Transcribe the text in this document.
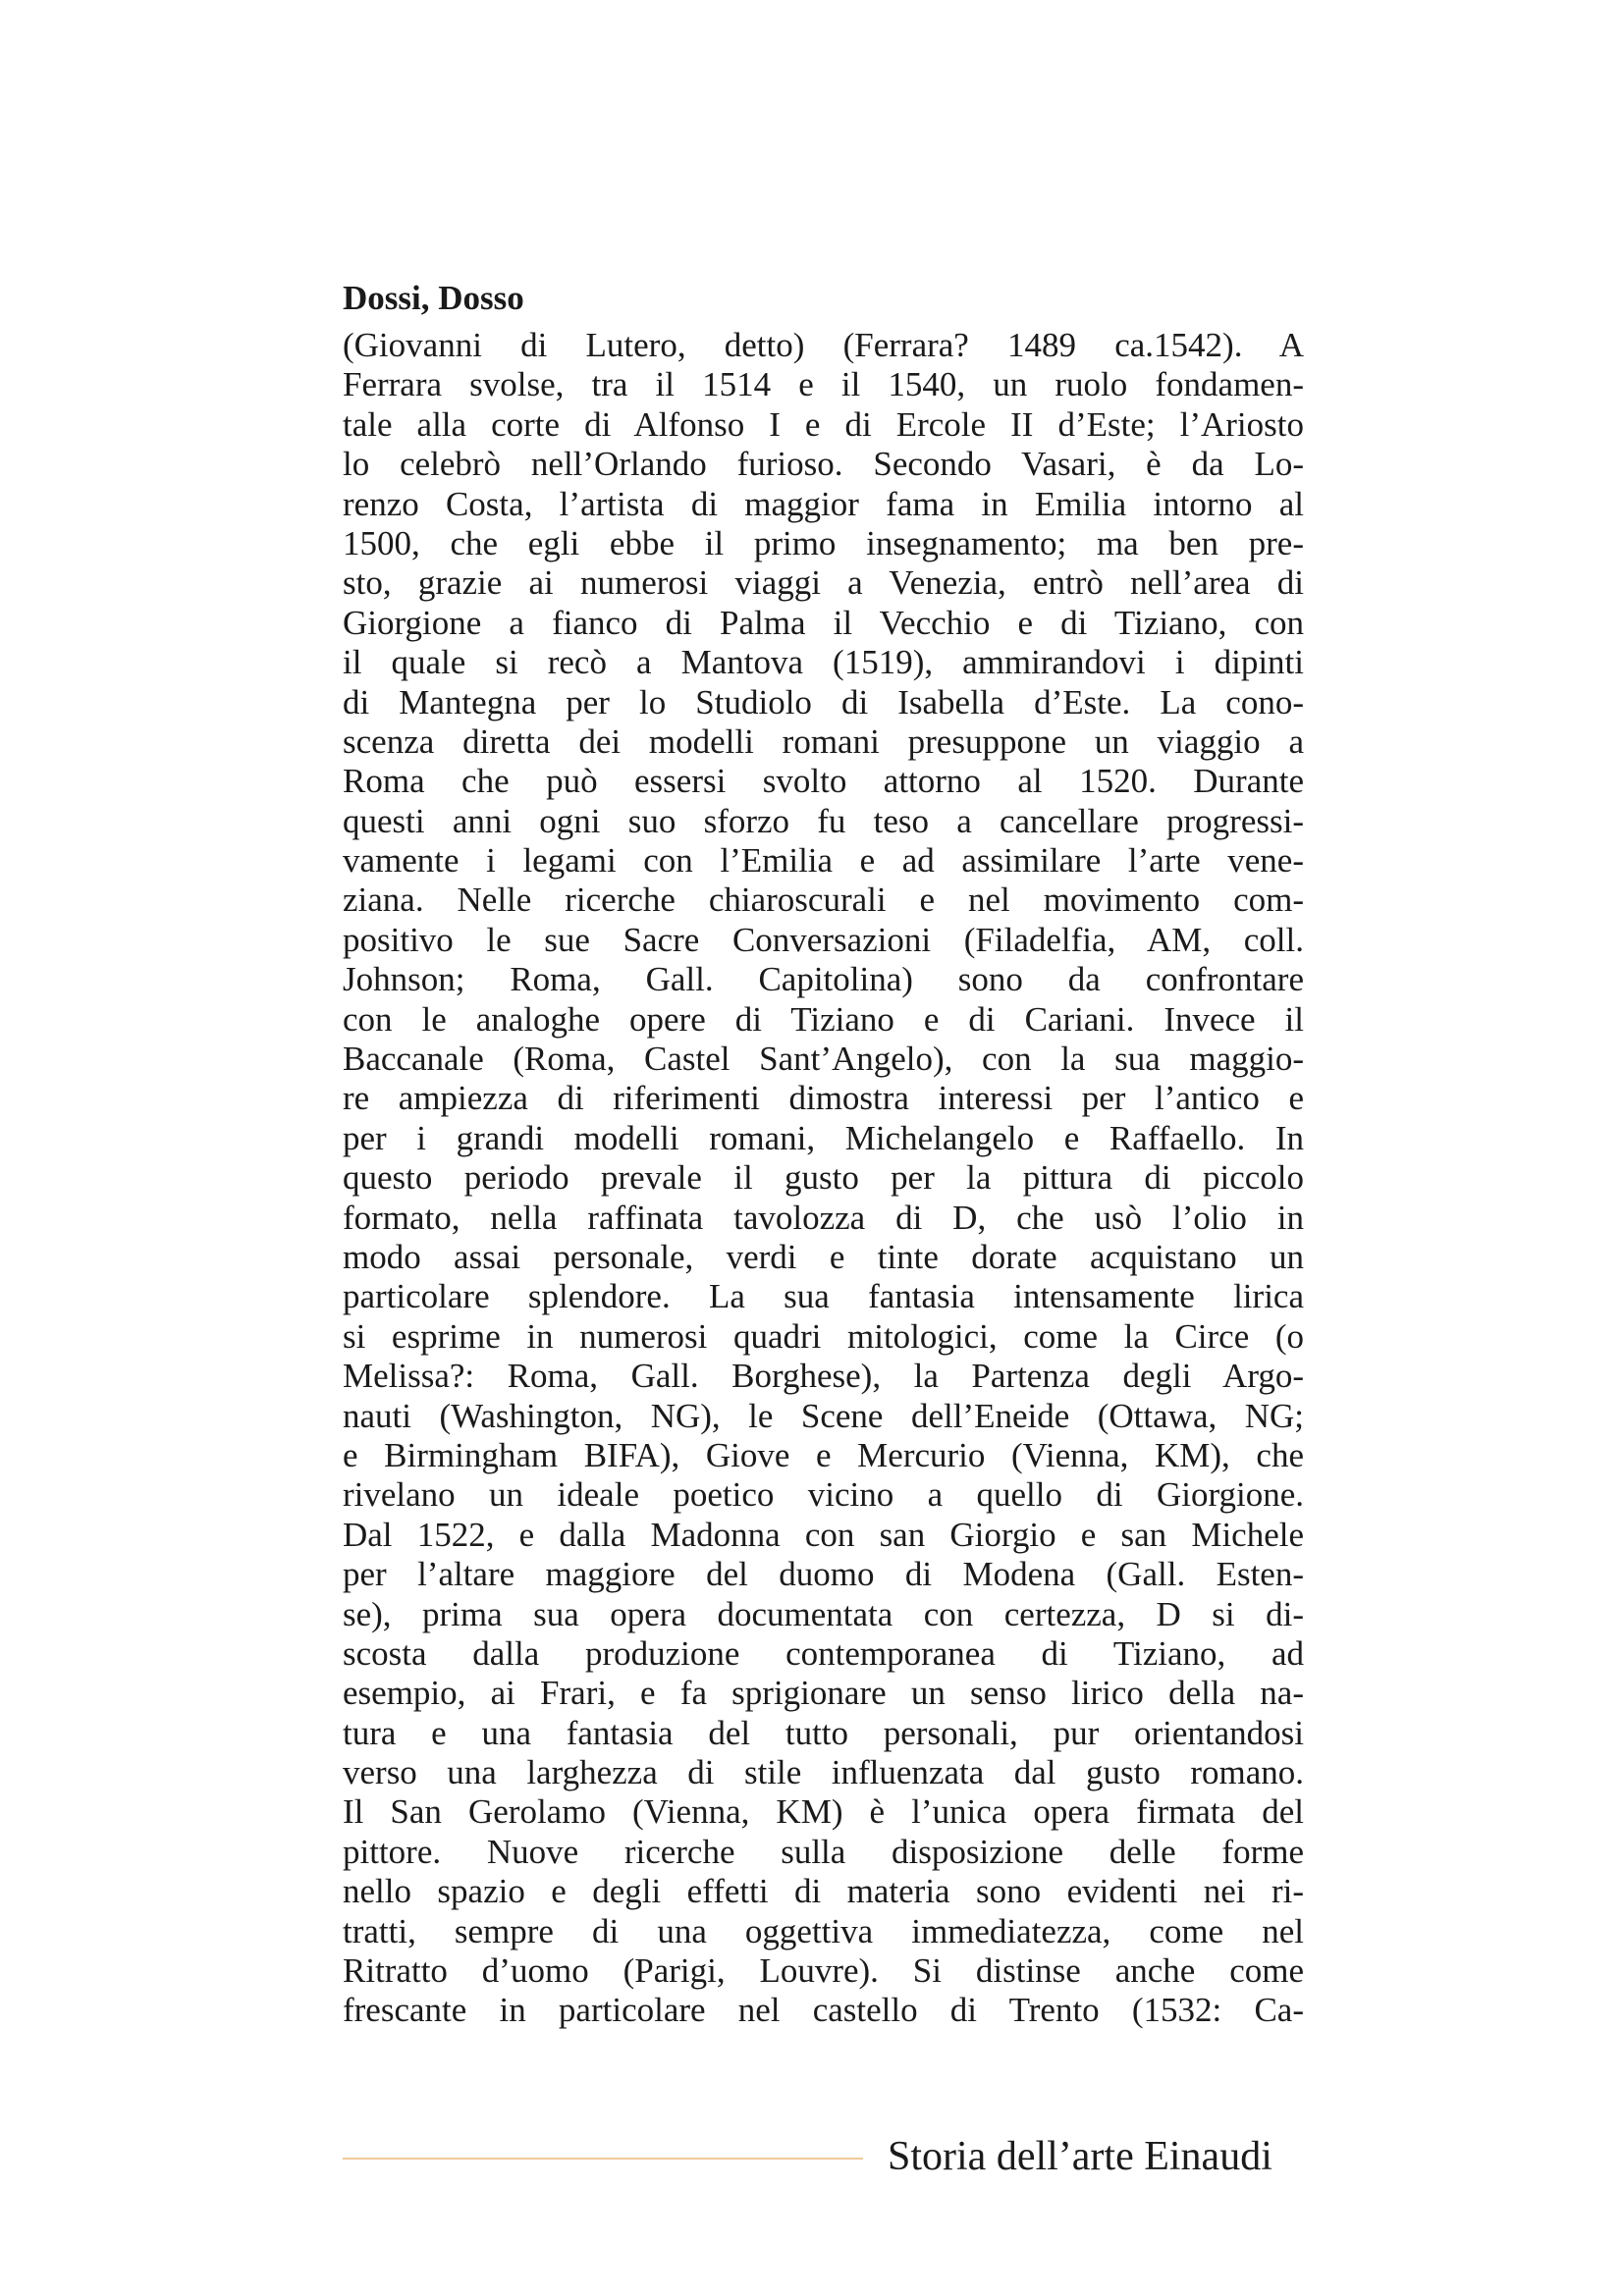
Dossi, Dosso
(Giovanni di Lutero, detto) (Ferrara? 1489 ca.1542). A
Ferrara svolse, tra il 1514 e il 1540, un ruolo fondamen-
tale alla corte di Alfonso I e di Ercole II d’Este; l’Ariosto
lo celebrò nell’Orlando furioso. Secondo Vasari, è da Lo-
renzo Costa, l’artista di maggior fama in Emilia intorno al
1500, che egli ebbe il primo insegnamento; ma ben pre-
sto, grazie ai numerosi viaggi a Venezia, entrò nell’area di
Giorgione a fianco di Palma il Vecchio e di Tiziano, con
il quale si recò a Mantova (1519), ammirandovi i dipinti
di Mantegna per lo Studiolo di Isabella d’Este. La cono-
scenza diretta dei modelli romani presuppone un viaggio a
Roma che può essersi svolto attorno al 1520. Durante
questi anni ogni suo sforzo fu teso a cancellare progressi-
vamente i legami con l’Emilia e ad assimilare l’arte vene-
ziana. Nelle ricerche chiaroscurali e nel movimento com-
positivo le sue Sacre Conversazioni (Filadelfia, AM, coll.
Johnson; Roma, Gall. Capitolina) sono da confrontare
con le analoghe opere di Tiziano e di Cariani. Invece il
Baccanale (Roma, Castel Sant’Angelo), con la sua maggio-
re ampiezza di riferimenti dimostra interessi per l’antico e
per i grandi modelli romani, Michelangelo e Raffaello. In
questo periodo prevale il gusto per la pittura di piccolo
formato, nella raffinata tavolozza di D, che usò l’olio in
modo assai personale, verdi e tinte dorate acquistano un
particolare splendore. La sua fantasia intensamente lirica
si esprime in numerosi quadri mitologici, come la Circe (o
Melissa?: Roma, Gall. Borghese), la Partenza degli Argo-
nauti (Washington, NG), le Scene dell’Eneide (Ottawa, NG;
e Birmingham BIFA), Giove e Mercurio (Vienna, KM), che
rivelano un ideale poetico vicino a quello di Giorgione.
Dal 1522, e dalla Madonna con san Giorgio e san Michele
per l’altare maggiore del duomo di Modena (Gall. Esten-
se), prima sua opera documentata con certezza, D si di-
scosta dalla produzione contemporanea di Tiziano, ad
esempio, ai Frari, e fa sprigionare un senso lirico della na-
tura e una fantasia del tutto personali, pur orientandosi
verso una larghezza di stile influenzata dal gusto romano.
Il San Gerolamo (Vienna, KM) è l’unica opera firmata del
pittore. Nuove ricerche sulla disposizione delle forme
nello spazio e degli effetti di materia sono evidenti nei ri-
tratti, sempre di una oggettiva immediatezza, come nel
Ritratto d’uomo (Parigi, Louvre). Si distinse anche come
frescante in particolare nel castello di Trento (1532: Ca-
Storia dell’arte Einaudi
